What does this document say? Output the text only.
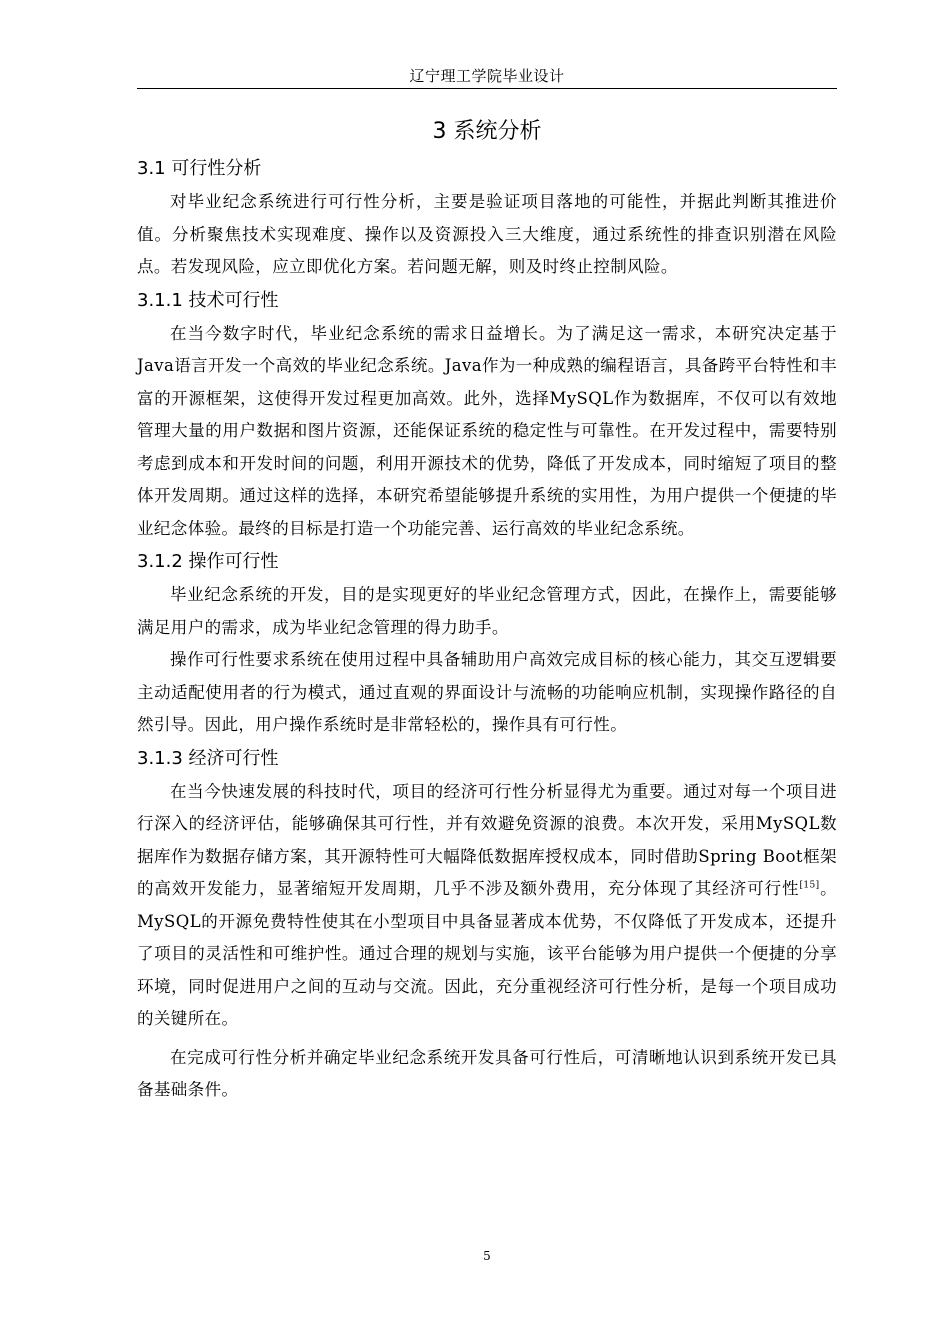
辽宁理工学院毕业设计
3 系统分析
3.1 可行性分析

对毕业纪念系统进行可行性分析，主要是验证项目落地的可能性，并据此判断其推进价值。分析聚焦技术实现难度、操作以及资源投入三大维度，通过系统性的排查识别潜在风险点。若发现风险，应立即优化方案。若问题无解，则及时终止控制风险。

3.1.1 技术可行性

在当今数字时代，毕业纪念系统的需求日益增长。为了满足这一需求，本研究决定基于Java语言开发一个高效的毕业纪念系统。Java作为一种成熟的编程语言，具备跨平台特性和丰富的开源框架，这使得开发过程更加高效。此外，选择MySQL作为数据库，不仅可以有效地管理大量的用户数据和图片资源，还能保证系统的稳定性与可靠性。在开发过程中，需要特别考虑到成本和开发时间的问题，利用开源技术的优势，降低了开发成本，同时缩短了项目的整体开发周期。通过这样的选择，本研究希望能够提升系统的实用性，为用户提供一个便捷的毕业纪念体验。最终的目标是打造一个功能完善、运行高效的毕业纪念系统。

3.1.2 操作可行性

毕业纪念系统的开发，目的是实现更好的毕业纪念管理方式，因此，在操作上，需要能够满足用户的需求，成为毕业纪念管理的得力助手。

操作可行性要求系统在使用过程中具备辅助用户高效完成目标的核心能力，其交互逻辑要主动适配使用者的行为模式，通过直观的界面设计与流畅的功能响应机制，实现操作路径的自然引导。因此，用户操作系统时是非常轻松的，操作具有可行性。

3.1.3 经济可行性

在当今快速发展的科技时代，项目的经济可行性分析显得尤为重要。通过对每一个项目进行深入的经济评估，能够确保其可行性，并有效避免资源的浪费。本次开发，采用MySQL数据库作为数据存储方案，其开源特性可大幅降低数据库授权成本，同时借助Spring Boot框架的高效开发能力，显著缩短开发周期，几乎不涉及额外费用，充分体现了其经济可行性[15]。MySQL的开源免费特性使其在小型项目中具备显著成本优势，不仅降低了开发成本，还提升了项目的灵活性和可维护性。通过合理的规划与实施，该平台能够为用户提供一个便捷的分享环境，同时促进用户之间的互动与交流。因此，充分重视经济可行性分析，是每一个项目成功的关键所在。

在完成可行性分析并确定毕业纪念系统开发具备可行性后，可清晰地认识到系统开发已具备基础条件。

5
